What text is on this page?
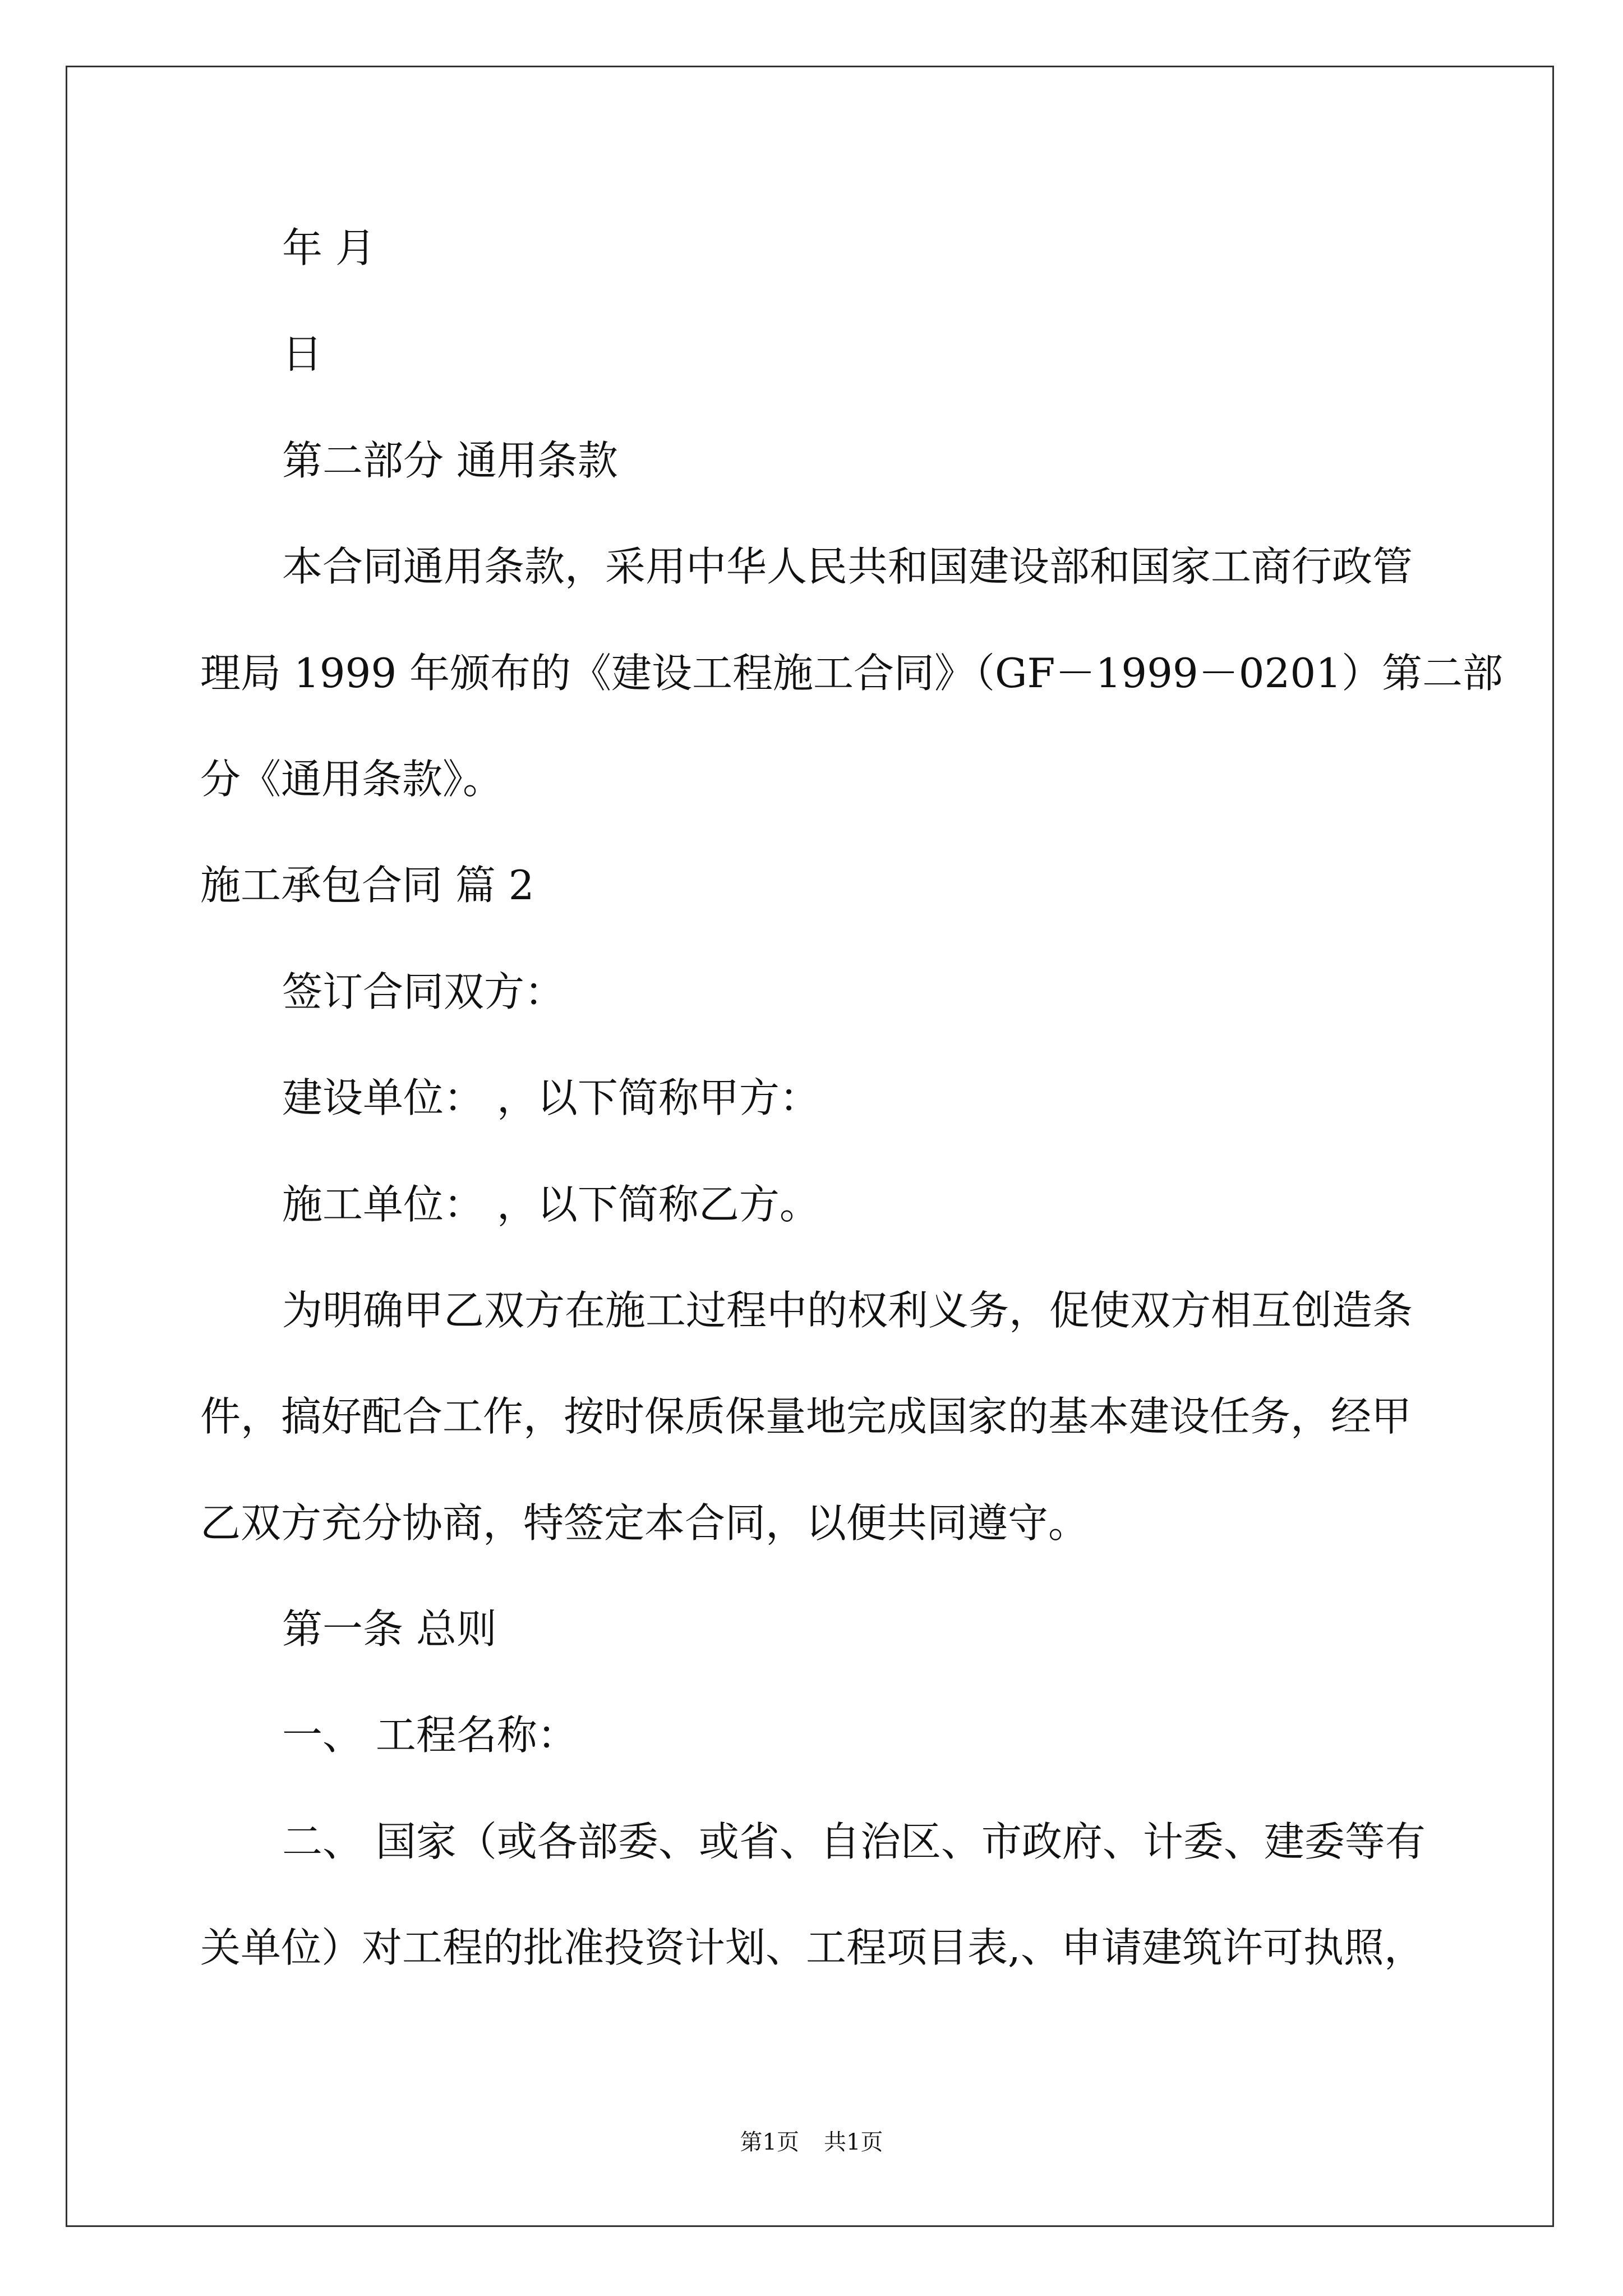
年 月
日
第二部分 通用条款
本合同通用条款，采用中华人民共和国建设部和国家工商行政管
理局 1999 年颁布的《建设工程施工合同》（GF－1999－0201）第二部
分《通用条款》。
施工承包合同 篇 2
签订合同双方：
建设单位： ，以下简称甲方：
施工单位： ，以下简称乙方。
为明确甲乙双方在施工过程中的权利义务，促使双方相互创造条
件，搞好配合工作，按时保质保量地完成国家的基本建设任务，经甲
乙双方充分协商，特签定本合同，以便共同遵守。
第一条 总则
一、 工程名称：
二、 国家（或各部委、或省、自治区、市政府、计委、建委等有
关单位）对工程的批准投资计划、工程项目表,、申请建筑许可执照，
第1页 共1页
